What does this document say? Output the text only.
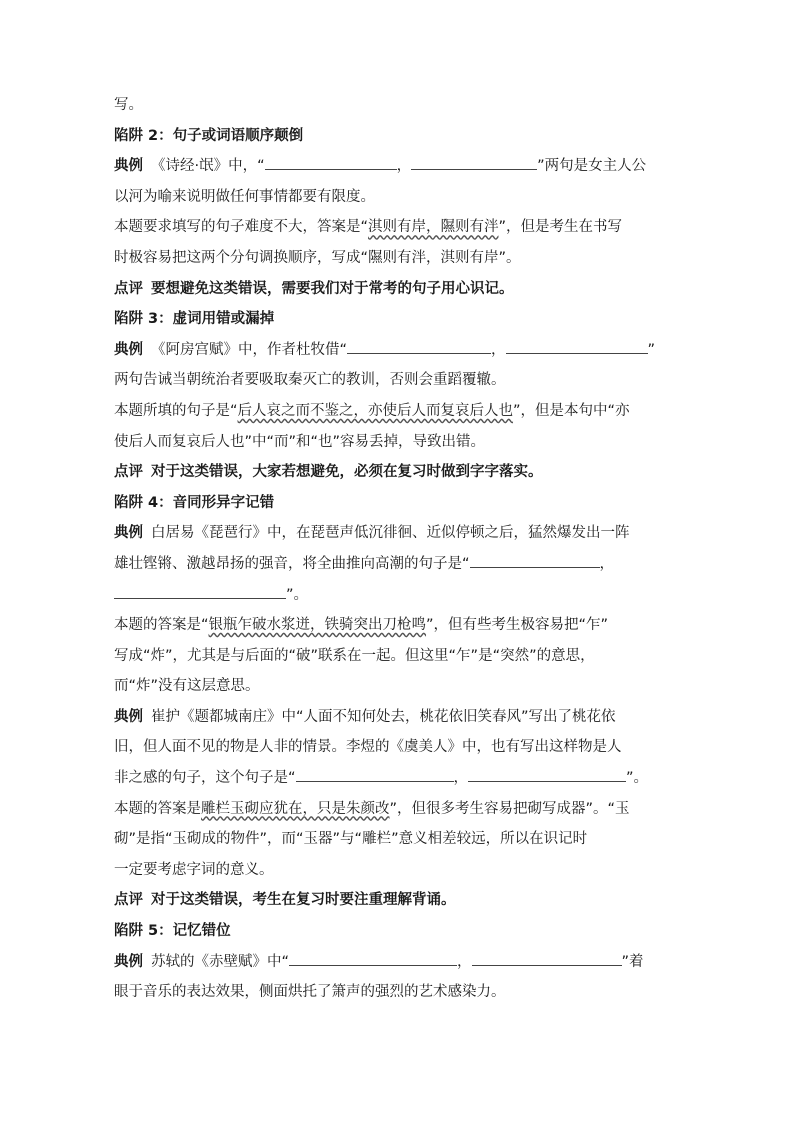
写。
陷阱 2：句子或词语顺序颠倒
典例 《诗经·氓》中，“	，	”两句是女主人公
以河为喻来说明做任何事情都要有限度。
本题要求填写的句子难度不大，答案是“淇则有岸，隰则有泮”，但是考生在书写
时极容易把这两个分句调换顺序，写成“隰则有泮，淇则有岸”。
点评 要想避免这类错误，需要我们对于常考的句子用心识记。
陷阱 3：虚词用错或漏掉
典例 《阿房宫赋》中，作者杜牧借“	，	”
两句告诫当朝统治者要吸取秦灭亡的教训，否则会重蹈覆辙。
本题所填的句子是“后人哀之而不鉴之，亦使后人而复哀后人也”，但是本句中“亦
使后人而复哀后人也”中“而”和“也”容易丢掉，导致出错。
点评 对于这类错误，大家若想避免，必须在复习时做到字字落实。
陷阱 4：音同形异字记错
典例 白居易《琵琶行》中，在琵琶声低沉徘徊、近似停顿之后，猛然爆发出一阵
雄壮铿锵、激越昂扬的强音，将全曲推向高潮的句子是“	，
”。
本题的答案是“银瓶乍破水浆迸，铁骑突出刀枪鸣”，但有些考生极容易把“乍”
写成“炸”，尤其是与后面的“破”联系在一起。但这里“乍”是“突然”的意思，
而“炸”没有这层意思。
典例 崔护《题都城南庄》中“人面不知何处去，桃花依旧笑春风”写出了桃花依
旧，但人面不见的物是人非的情景。李煜的《虞美人》中，也有写出这样物是人
非之感的句子，这个句子是“	，	”。
本题的答案是雕栏玉砌应犹在，只是朱颜改”，但很多考生容易把砌写成器”。“玉
砌”是指“玉砌成的物件”，而“玉器”与“雕栏”意义相差较远，所以在识记时
一定要考虑字词的意义。
点评 对于这类错误，考生在复习时要注重理解背诵。
陷阱 5：记忆错位
典例 苏轼的《赤壁赋》中“	，	”着
眼于音乐的表达效果，侧面烘托了箫声的强烈的艺术感染力。
